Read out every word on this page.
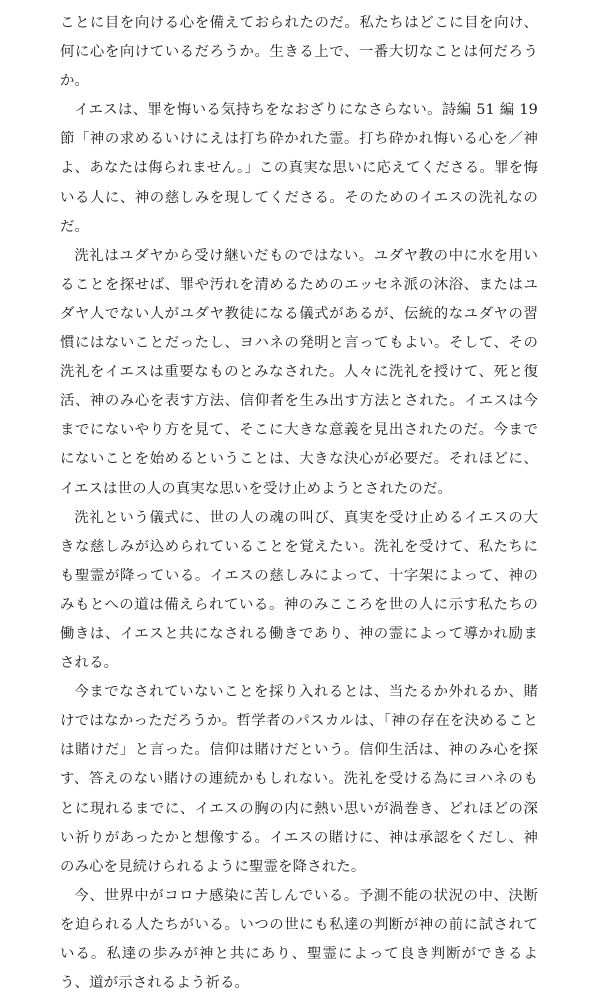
ことに目を向ける心を備えておられたのだ。私たちはどこに目を向け、何に心を向けているだろうか。生きる上で、一番大切なことは何だろうか。

イエスは、罪を悔いる気持ちをなおざりになさらない。詩編 51 編 19 節「神の求めるいけにえは打ち砕かれた霊。打ち砕かれ悔いる心を／神よ、あなたは侮られません。」この真実な思いに応えてくださる。罪を悔いる人に、神の慈しみを現してくださる。そのためのイエスの洗礼なのだ。

洗礼はユダヤから受け継いだものではない。ユダヤ教の中に水を用いることを探せば、罪や汚れを清めるためのエッセネ派の沐浴、またはユダヤ人でない人がユダヤ教徒になる儀式があるが、伝統的なユダヤの習慣にはないことだったし、ヨハネの発明と言ってもよい。そして、その洗礼をイエスは重要なものとみなされた。人々に洗礼を授けて、死と復活、神のみ心を表す方法、信仰者を生み出す方法とされた。イエスは今までにないやり方を見て、そこに大きな意義を見出されたのだ。今までにないことを始めるということは、大きな決心が必要だ。それほどに、イエスは世の人の真実な思いを受け止めようとされたのだ。

洗礼という儀式に、世の人の魂の叫び、真実を受け止めるイエスの大きな慈しみが込められていることを覚えたい。洗礼を受けて、私たちにも聖霊が降っている。イエスの慈しみによって、十字架によって、神のみもとへの道は備えられている。神のみこころを世の人に示す私たちの働きは、イエスと共になされる働きであり、神の霊によって導かれ励まされる。

今までなされていないことを採り入れるとは、当たるか外れるか、賭けではなかっただろうか。哲学者のパスカルは、「神の存在を決めることは賭けだ」と言った。信仰は賭けだという。信仰生活は、神のみ心を探す、答えのない賭けの連続かもしれない。洗礼を受ける為にヨハネのもとに現れるまでに、イエスの胸の内に熱い思いが渦巻き、どれほどの深い祈りがあったかと想像する。イエスの賭けに、神は承認をくだし、神のみ心を見続けられるように聖霊を降された。

今、世界中がコロナ感染に苦しんでいる。予測不能の状況の中、決断を迫られる人たちがいる。いつの世にも私達の判断が神の前に試されている。私達の歩みが神と共にあり、聖霊によって良き判断ができるよう、道が示されるよう祈る。
